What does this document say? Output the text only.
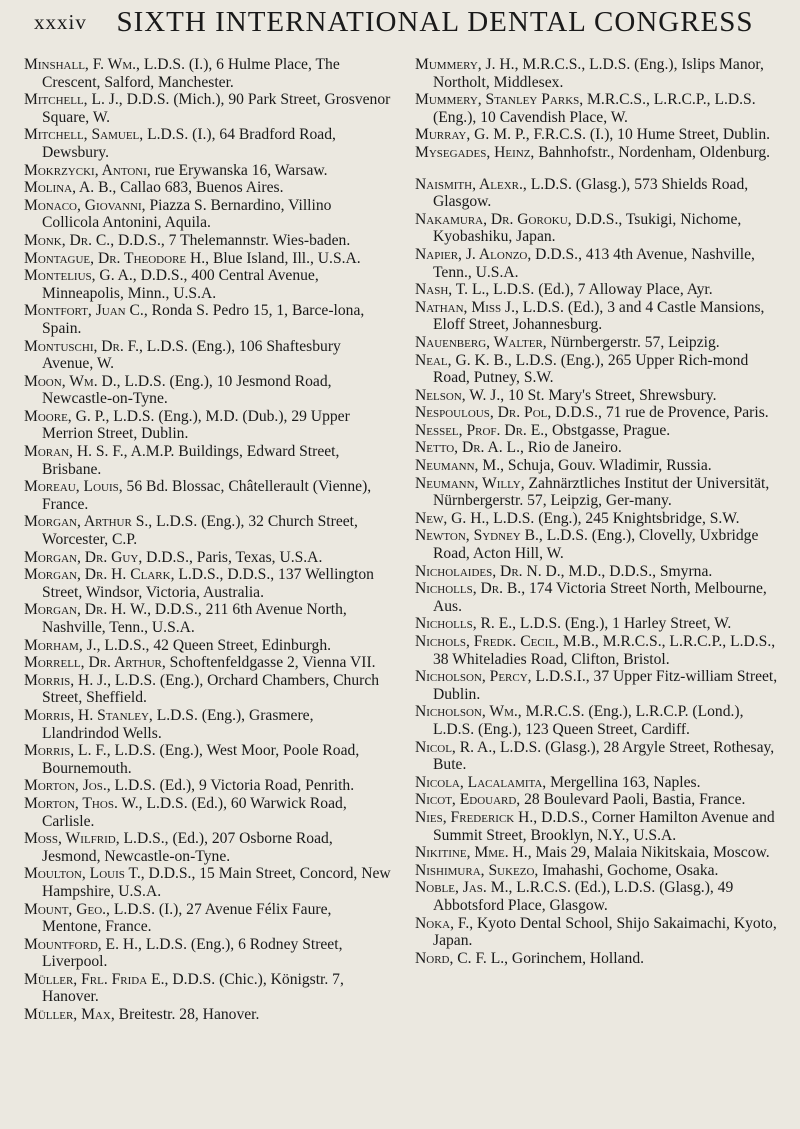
xxxiv	SIXTH INTERNATIONAL DENTAL CONGRESS

Minshall, F. Wm., L.D.S. (I.), 6 Hulme Place, The Crescent, Salford, Manchester.

Mitchell, L. J., D.D.S. (Mich.), 90 Park Street, Grosvenor Square, W.

Mitchell, Samuel, L.D.S. (I.), 64 Bradford Road, Dewsbury.

Mokrzycki, Antoni, rue Erywanska 16, Warsaw.

Molina, A. B., Callao 683, Buenos Aires.

Monaco, Giovanni, Piazza S. Bernardino, Villino Collicola Antonini, Aquila.

Monk, Dr. C., D.D.S., 7 Thelemannstr. Wies-baden.

Montague, Dr. Theodore H., Blue Island, Ill., U.S.A.

Montelius, G. A., D.D.S., 400 Central Avenue, Minneapolis, Minn., U.S.A.

Montfort, Juan C., Ronda S. Pedro 15, 1, Barce-lona, Spain.

Montuschi, Dr. F., L.D.S. (Eng.), 106 Shaftesbury Avenue, W.

Moon, Wm. D., L.D.S. (Eng.), 10 Jesmond Road, Newcastle-on-Tyne.

Moore, G. P., L.D.S. (Eng.), M.D. (Dub.), 29 Upper Merrion Street, Dublin.

Moran, H. S. F., A.M.P. Buildings, Edward Street, Brisbane.

Moreau, Louis, 56 Bd. Blossac, Châtellerault (Vienne), France.

Morgan, Arthur S., L.D.S. (Eng.), 32 Church Street, Worcester, C.P.

Morgan, Dr. Guy, D.D.S., Paris, Texas, U.S.A.

Morgan, Dr. H. Clark, L.D.S., D.D.S., 137 Wellington Street, Windsor, Victoria, Australia.

Morgan, Dr. H. W., D.D.S., 211 6th Avenue North, Nashville, Tenn., U.S.A.

Morham, J., L.D.S., 42 Queen Street, Edinburgh.

Morrell, Dr. Arthur, Schoftenfeldgasse 2, Vienna VII.

Morris, H. J., L.D.S. (Eng.), Orchard Chambers, Church Street, Sheffield.

Morris, H. Stanley, L.D.S. (Eng.), Grasmere, Llandrindod Wells.

Morris, L. F., L.D.S. (Eng.), West Moor, Poole Road, Bournemouth.

Morton, Jos., L.D.S. (Ed.), 9 Victoria Road, Penrith.

Morton, Thos. W., L.D.S. (Ed.), 60 Warwick Road, Carlisle.

Moss, Wilfrid, L.D.S., (Ed.), 207 Osborne Road, Jesmond, Newcastle-on-Tyne.

Moulton, Louis T., D.D.S., 15 Main Street, Concord, New Hampshire, U.S.A.

Mount, Geo., L.D.S. (I.), 27 Avenue Félix Faure, Mentone, France.

Mountford, E. H., L.D.S. (Eng.), 6 Rodney Street, Liverpool.

Müller, Frl. Frida E., D.D.S. (Chic.), Königstr. 7, Hanover.

Müller, Max, Breitestr. 28, Hanover.

Mummery, J. H., M.R.C.S., L.D.S. (Eng.), Islips Manor, Northolt, Middlesex.

Mummery, Stanley Parks, M.R.C.S., L.R.C.P., L.D.S. (Eng.), 10 Cavendish Place, W.

Murray, G. M. P., F.R.C.S. (I.), 10 Hume Street, Dublin.

Mysegades, Heinz, Bahnhofstr., Nordenham, Oldenburg.

Naismith, Alexr., L.D.S. (Glasg.), 573 Shields Road, Glasgow.

Nakamura, Dr. Goroku, D.D.S., Tsukigi, Nichome, Kyobashiku, Japan.

Napier, J. Alonzo, D.D.S., 413 4th Avenue, Nashville, Tenn., U.S.A.

Nash, T. L., L.D.S. (Ed.), 7 Alloway Place, Ayr.

Nathan, Miss J., L.D.S. (Ed.), 3 and 4 Castle Mansions, Eloff Street, Johannesburg.

Nauenberg, Walter, Nürnbergerstr. 57, Leipzig.

Neal, G. K. B., L.D.S. (Eng.), 265 Upper Rich-mond Road, Putney, S.W.

Nelson, W. J., 10 St. Mary's Street, Shrewsbury.

Nespoulous, Dr. Pol, D.D.S., 71 rue de Provence, Paris.

Nessel, Prof. Dr. E., Obstgasse, Prague.

Netto, Dr. A. L., Rio de Janeiro.

Neumann, M., Schuja, Gouv. Wladimir, Russia.

Neumann, Willy, Zahnärztliches Institut der Universität, Nürnbergerstr. 57, Leipzig, Ger-many.

New, G. H., L.D.S. (Eng.), 245 Knightsbridge, S.W.

Newton, Sydney B., L.D.S. (Eng.), Clovelly, Uxbridge Road, Acton Hill, W.

Nicholaides, Dr. N. D., M.D., D.D.S., Smyrna.

Nicholls, Dr. B., 174 Victoria Street North, Melbourne, Aus.

Nicholls, R. E., L.D.S. (Eng.), 1 Harley Street, W.

Nichols, Fredk. Cecil, M.B., M.R.C.S., L.R.C.P., L.D.S., 38 Whiteladies Road, Clifton, Bristol.

Nicholson, Percy, L.D.S.I., 37 Upper Fitz-william Street, Dublin.

Nicholson, Wm., M.R.C.S. (Eng.), L.R.C.P. (Lond.), L.D.S. (Eng.), 123 Queen Street, Cardiff.

Nicol, R. A., L.D.S. (Glasg.), 28 Argyle Street, Rothesay, Bute.

Nicola, Lacalamita, Mergellina 163, Naples.

Nicot, Edouard, 28 Boulevard Paoli, Bastia, France.

Nies, Frederick H., D.D.S., Corner Hamilton Avenue and Summit Street, Brooklyn, N.Y., U.S.A.

Nikitine, Mme. H., Mais 29, Malaia Nikitskaia, Moscow.

Nishimura, Sukezo, Imahashi, Gochome, Osaka.

Noble, Jas. M., L.R.C.S. (Ed.), L.D.S. (Glasg.), 49 Abbotsford Place, Glasgow.

Noka, F., Kyoto Dental School, Shijo Sakaimachi, Kyoto, Japan.

Nord, C. F. L., Gorinchem, Holland.
